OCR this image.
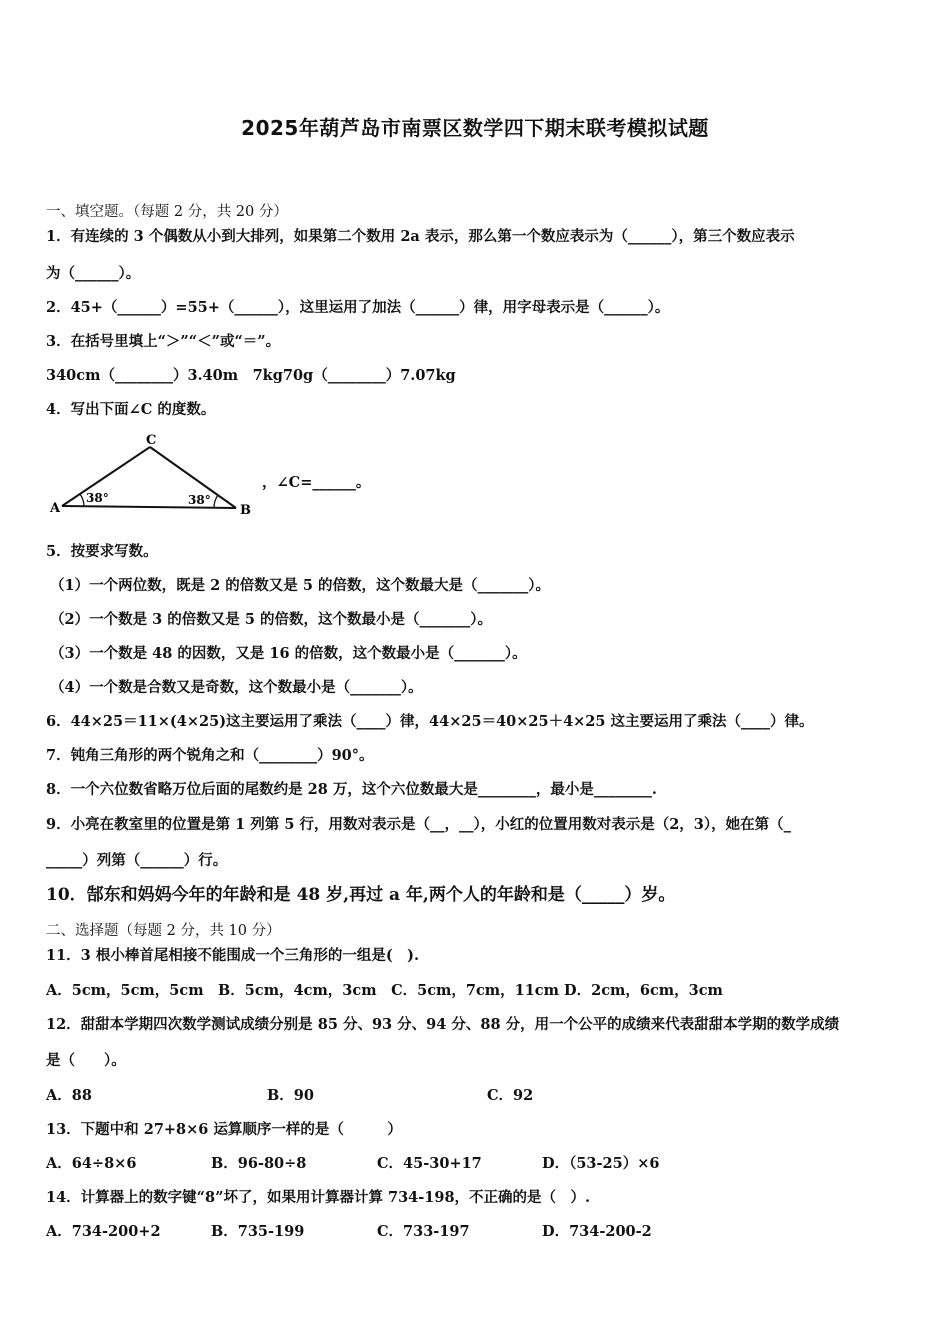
2025年葫芦岛市南票区数学四下期末联考模拟试题
一、填空题。（每题 2 分，共 20 分）
1．有连续的 3 个偶数从小到大排列，如果第二个数用 2a 表示，那么第一个数应表示为（______），第三个数应表示
为（______）。
2．45+（______）=55+（______），这里运用了加法（______）律，用字母表示是（______）。
3．在括号里填上“＞”“＜”或“＝”。
340cm（________）3.40m　7kg70g（________）7.07kg
4．写出下面∠C 的度数。
C
A	B
38°	38°
，∠C=______。
5．按要求写数。
（1）一个两位数，既是 2 的倍数又是 5 的倍数，这个数最大是（_______）。
（2）一个数是 3 的倍数又是 5 的倍数，这个数最小是（_______）。
（3）一个数是 48 的因数，又是 16 的倍数，这个数最小是（_______）。
（4）一个数是合数又是奇数，这个数最小是（_______）。
6．44×25＝11×(4×25)这主要运用了乘法（____）律，44×25＝40×25＋4×25 这主要运用了乘法（____）律。
7．钝角三角形的两个锐角之和（________）90°。
8．一个六位数省略万位后面的尾数约是 28 万，这个六位数最大是________，最小是________.
9．小亮在教室里的位置是第 1 列第 5 行，用数对表示是（__，__），小红的位置用数对表示是（2，3），她在第（_
_____）列第（______）行。
10．郜东和妈妈今年的年龄和是 48 岁,再过 a 年,两个人的年龄和是（_____）岁。
二、选择题（每题 2 分，共 10 分）
11．3 根小棒首尾相接不能围成一个三角形的一组是(　).
A．5cm，5cm，5cm　B．5cm，4cm，3cm　C．5cm，7cm，11cm D．2cm，6cm，3cm
12．甜甜本学期四次数学测试成绩分别是 85 分、93 分、94 分、88 分，用一个公平的成绩来代表甜甜本学期的数学成绩
是（　　）。
A．88	B．90	C．92
13．下题中和 27+8×6 运算顺序一样的是（　　　）
A．64÷8×6	B．96-80÷8	C．45-30+17	D．（53-25）×6
14．计算器上的数字键“8”坏了，如果用计算器计算 734-198，不正确的是（　）.
A．734-200+2	B．735-199	C．733-197	D．734-200-2
